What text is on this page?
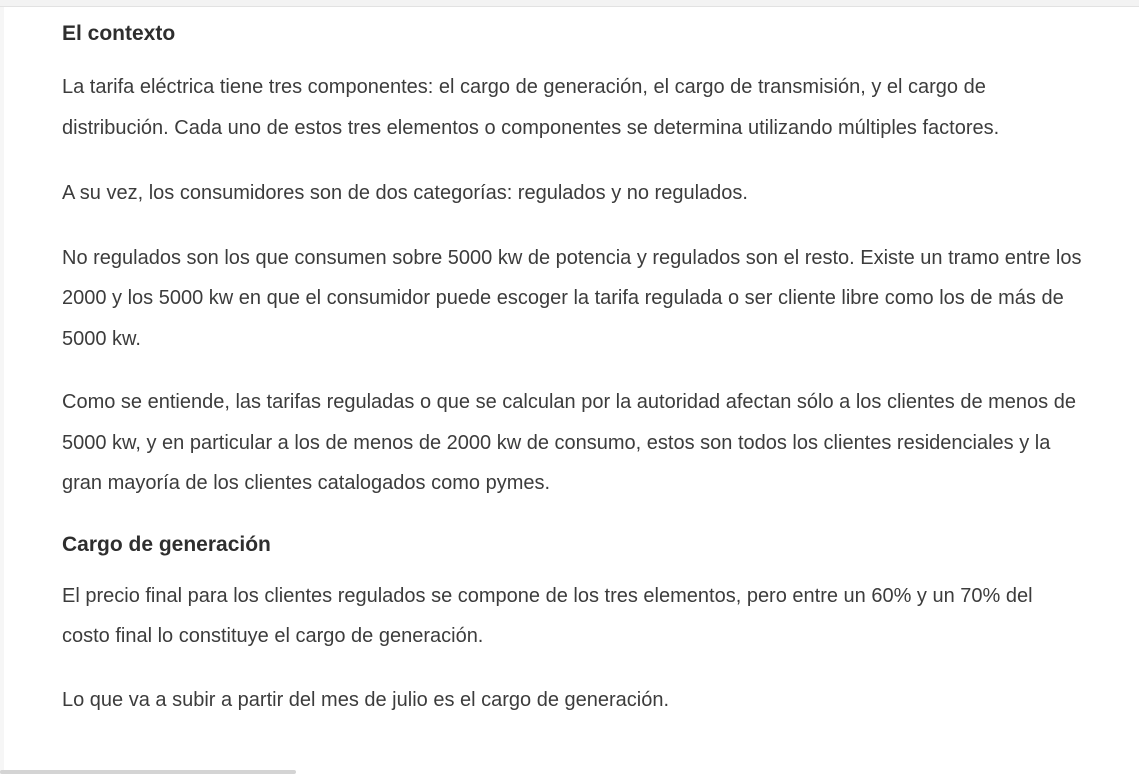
El contexto

La tarifa eléctrica tiene tres componentes: el cargo de generación, el cargo de transmisión, y el cargo de distribución. Cada uno de estos tres elementos o componentes se determina utilizando múltiples factores.

A su vez, los consumidores son de dos categorías: regulados y no regulados.

No regulados son los que consumen sobre 5000 kw de potencia y regulados son el resto. Existe un tramo entre los 2000 y los 5000 kw en que el consumidor puede escoger la tarifa regulada o ser cliente libre como los de más de 5000 kw.

Como se entiende, las tarifas reguladas o que se calculan por la autoridad afectan sólo a los clientes de menos de 5000 kw, y en particular a los de menos de 2000 kw de consumo, estos son todos los clientes residenciales y la gran mayoría de los clientes catalogados como pymes.

Cargo de generación

El precio final para los clientes regulados se compone de los tres elementos, pero entre un 60% y un 70% del costo final lo constituye el cargo de generación.

Lo que va a subir a partir del mes de julio es el cargo de generación.
